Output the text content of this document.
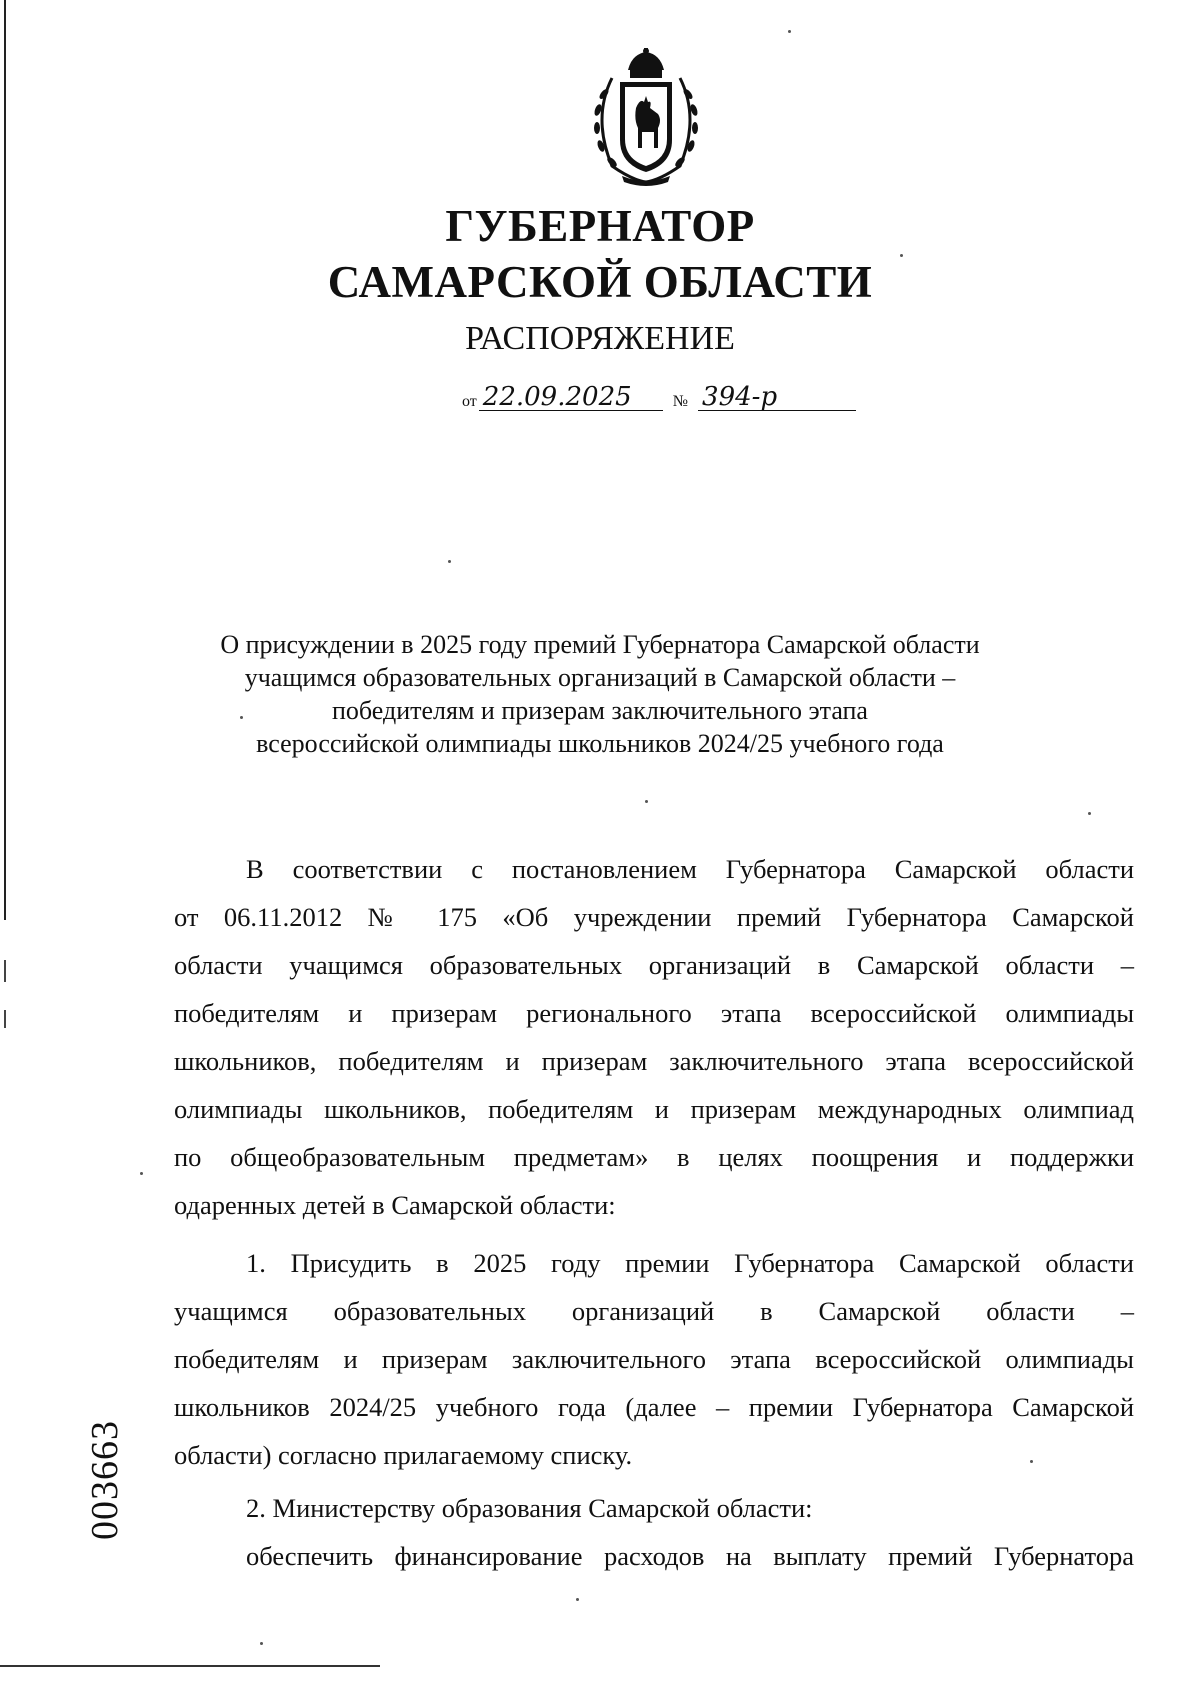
ГУБЕРНАТОР
САМАРСКОЙ ОБЛАСТИ
РАСПОРЯЖЕНИЕ
от 22.09.2025	№ 394-р
О присуждении в 2025 году премий Губернатора Самарской области
учащимся образовательных организаций в Самарской области –
победителям и призерам заключительного этапа
всероссийской олимпиады школьников 2024/25 учебного года
В соответствии с постановлением Губернатора Самарской области
от 06.11.2012 № 175 «Об учреждении премий Губернатора Самарской
области учащимся образовательных организаций в Самарской области –
победителям и призерам регионального этапа всероссийской олимпиады
школьников, победителям и призерам заключительного этапа всероссийской
олимпиады школьников, победителям и призерам международных олимпиад
по общеобразовательным предметам» в целях поощрения и поддержки
одаренных детей в Самарской области:
1. Присудить в 2025 году премии Губернатора Самарской области
учащимся образовательных организаций в Самарской области –
победителям и призерам заключительного этапа всероссийской олимпиады
школьников 2024/25 учебного года (далее – премии Губернатора Самарской
области) согласно прилагаемому списку.
2. Министерству образования Самарской области:
обеспечить финансирование расходов на выплату премий Губернатора
003663
